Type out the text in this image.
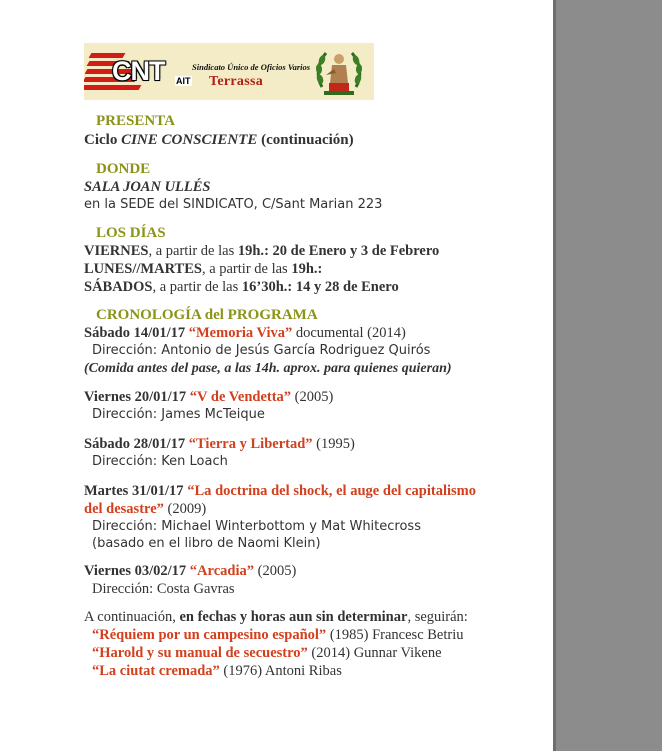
CNT AIT
Sindicato Único de Oficios Varios
Terrassa
PRESENTA
Ciclo CINE CONSCIENTE (continuación)
DONDE
SALA JOAN ULLÉS
en la SEDE del SINDICATO, C/Sant Marian 223
LOS DÍAS
VIERNES, a partir de las 19h.: 20 de Enero y 3 de Febrero
LUNES//MARTES, a partir de las 19h.:
SÁBADOS, a partir de las 16’30h.: 14 y 28 de Enero
CRONOLOGÍA del PROGRAMA
Sábado 14/01/17 “Memoria Viva” documental (2014)
Dirección: Antonio de Jesús García Rodriguez Quirós
(Comida antes del pase, a las 14h. aprox. para quienes quieran)
Viernes 20/01/17 “V de Vendetta” (2005)
Dirección: James McTeique
Sábado 28/01/17 “Tierra y Libertad” (1995)
Dirección: Ken Loach
Martes 31/01/17 “La doctrina del shock, el auge del capitalismo del desastre” (2009)
Dirección: Michael Winterbottom y Mat Whitecross (basado en el libro de Naomi Klein)
Viernes 03/02/17 “Arcadia” (2005)
Dirección: Costa Gavras
A continuación, en fechas y horas aun sin determinar, seguirán:
“Réquiem por un campesino español” (1985) Francesc Betriu
“Harold y su manual de secuestro” (2014) Gunnar Vikene
“La ciutat cremada” (1976) Antoni Ribas
